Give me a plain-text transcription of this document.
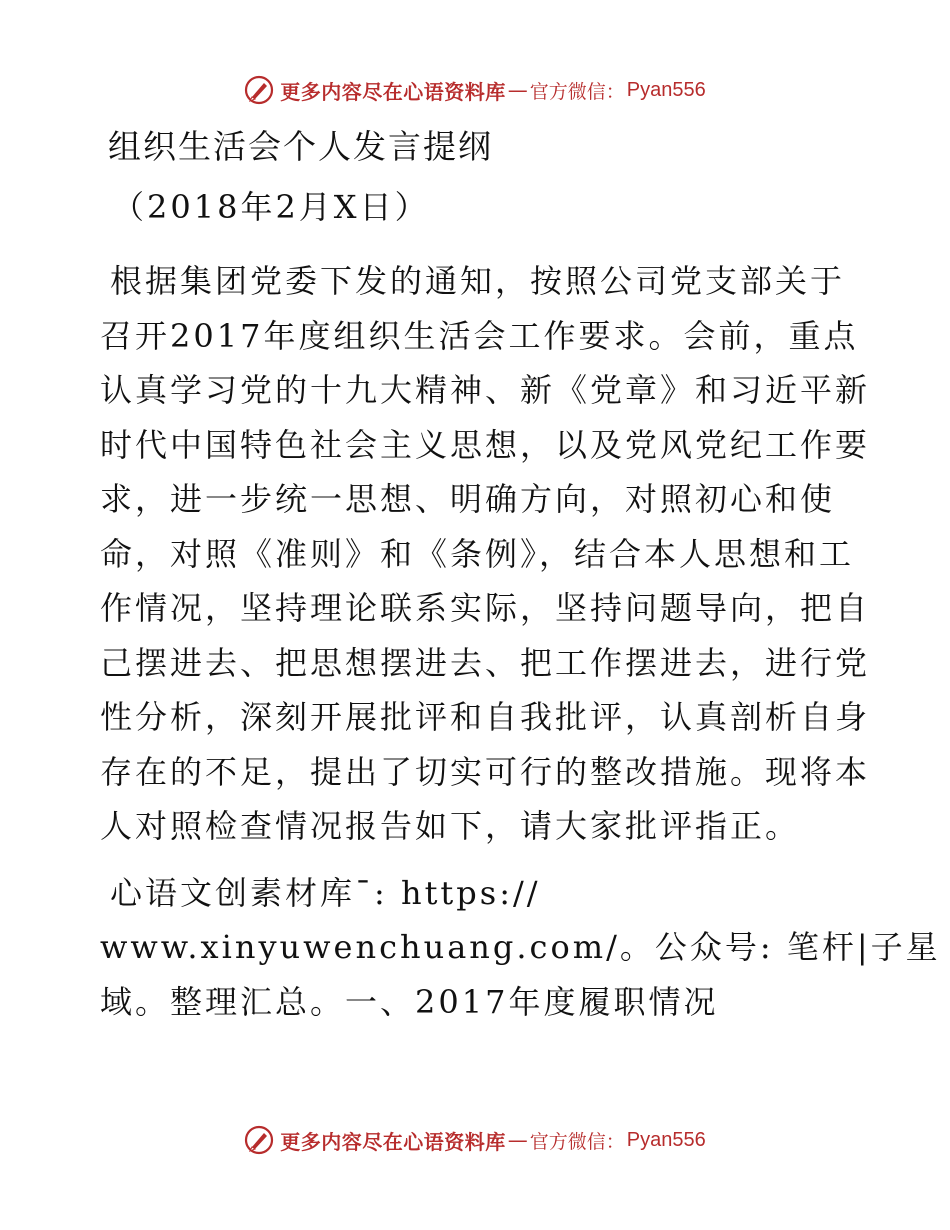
更多内容尽在心语资料库 — 官方微信： Pyan556
组织生活会个人发言提纲
（2018年2月X日）
根据集团党委下发的通知，按照公司党支部关于
召开2017年度组织生活会工作要求。会前，重点
认真学习党的十九大精神、新《党章》和习近平新
时代中国特色社会主义思想，以及党风党纪工作要
求，进一步统一思想、明确方向，对照初心和使
命，对照《准则》和《条例》，结合本人思想和工
作情况，坚持理论联系实际，坚持问题导向，把自
己摆进去、把思想摆进去、把工作摆进去，进行党
性分析，深刻开展批评和自我批评，认真剖析自身
存在的不足，提出了切实可行的整改措施。现将本
人对照检查情况报告如下，请大家批评指正。
心语文创素材库¯: https://
www.xinyuwenchuang.com/。公众号: 笔杆|子星
域。整理汇总。一、2017年度履职情况
更多内容尽在心语资料库 — 官方微信： Pyan556
